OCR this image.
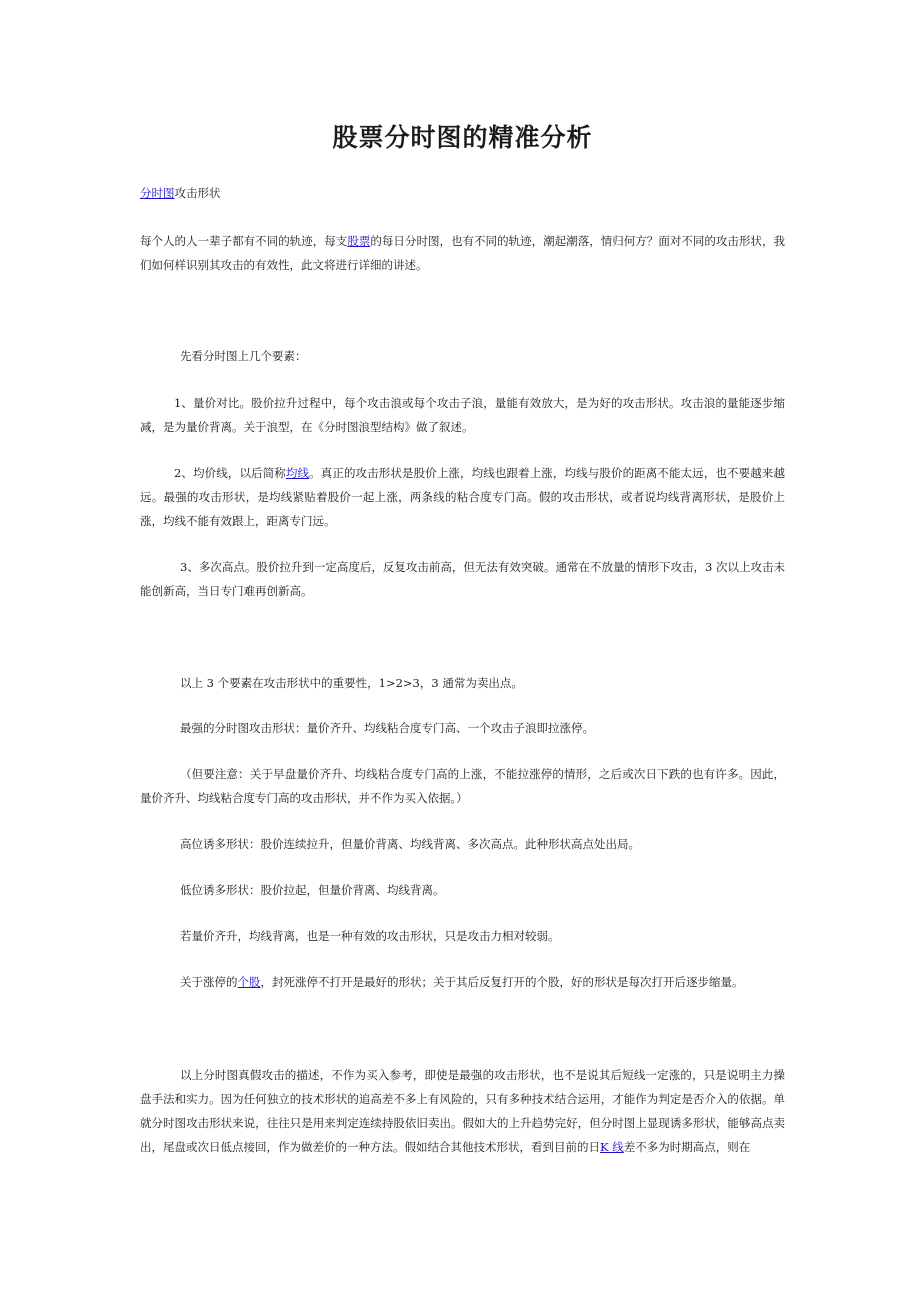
股票分时图的精准分析

分时图攻击形状

每个人的人一辈子都有不同的轨迹，每支股票的每日分时图，也有不同的轨迹，潮起潮落，情归何方？面对不同的攻击形状，我们如何样识别其攻击的有效性，此文将进行详细的讲述。

先看分时图上几个要素：

1、量价对比。股价拉升过程中，每个攻击浪或每个攻击子浪，量能有效放大，是为好的攻击形状。攻击浪的量能逐步缩减，是为量价背离。关于浪型，在《分时图浪型结构》做了叙述。

2、均价线，以后简称均线。真正的攻击形状是股价上涨，均线也跟着上涨，均线与股价的距离不能太远，也不要越来越远。最强的攻击形状，是均线紧贴着股价一起上涨，两条线的粘合度专门高。假的攻击形状，或者说均线背离形状，是股价上涨，均线不能有效跟上，距离专门远。

3、多次高点。股价拉升到一定高度后，反复攻击前高，但无法有效突破。通常在不放量的情形下攻击，3 次以上攻击未能创新高，当日专门难再创新高。

以上 3 个要素在攻击形状中的重要性，1>2>3，3 通常为卖出点。

最强的分时图攻击形状：量价齐升、均线粘合度专门高、一个攻击子浪即拉涨停。

（但要注意：关于早盘量价齐升、均线粘合度专门高的上涨，不能拉涨停的情形，之后或次日下跌的也有许多。因此，量价齐升、均线粘合度专门高的攻击形状，并不作为买入依据。）

高位诱多形状：股价连续拉升，但量价背离、均线背离、多次高点。此种形状高点处出局。

低位诱多形状：股价拉起，但量价背离、均线背离。

若量价齐升，均线背离，也是一种有效的攻击形状，只是攻击力相对较弱。

关于涨停的个股，封死涨停不打开是最好的形状；关于其后反复打开的个股，好的形状是每次打开后逐步缩量。

以上分时图真假攻击的描述，不作为买入参考，即使是最强的攻击形状，也不是说其后短线一定涨的，只是说明主力操盘手法和实力。因为任何独立的技术形状的追高差不多上有风险的，只有多种技术结合运用，才能作为判定是否介入的依据。单就分时图攻击形状来说，往往只是用来判定连续持股依旧卖出。假如大的上升趋势完好，但分时图上显现诱多形状，能够高点卖出，尾盘或次日低点接回，作为做差价的一种方法。假如结合其他技术形状，看到目前的日K 线差不多为时期高点，则在
